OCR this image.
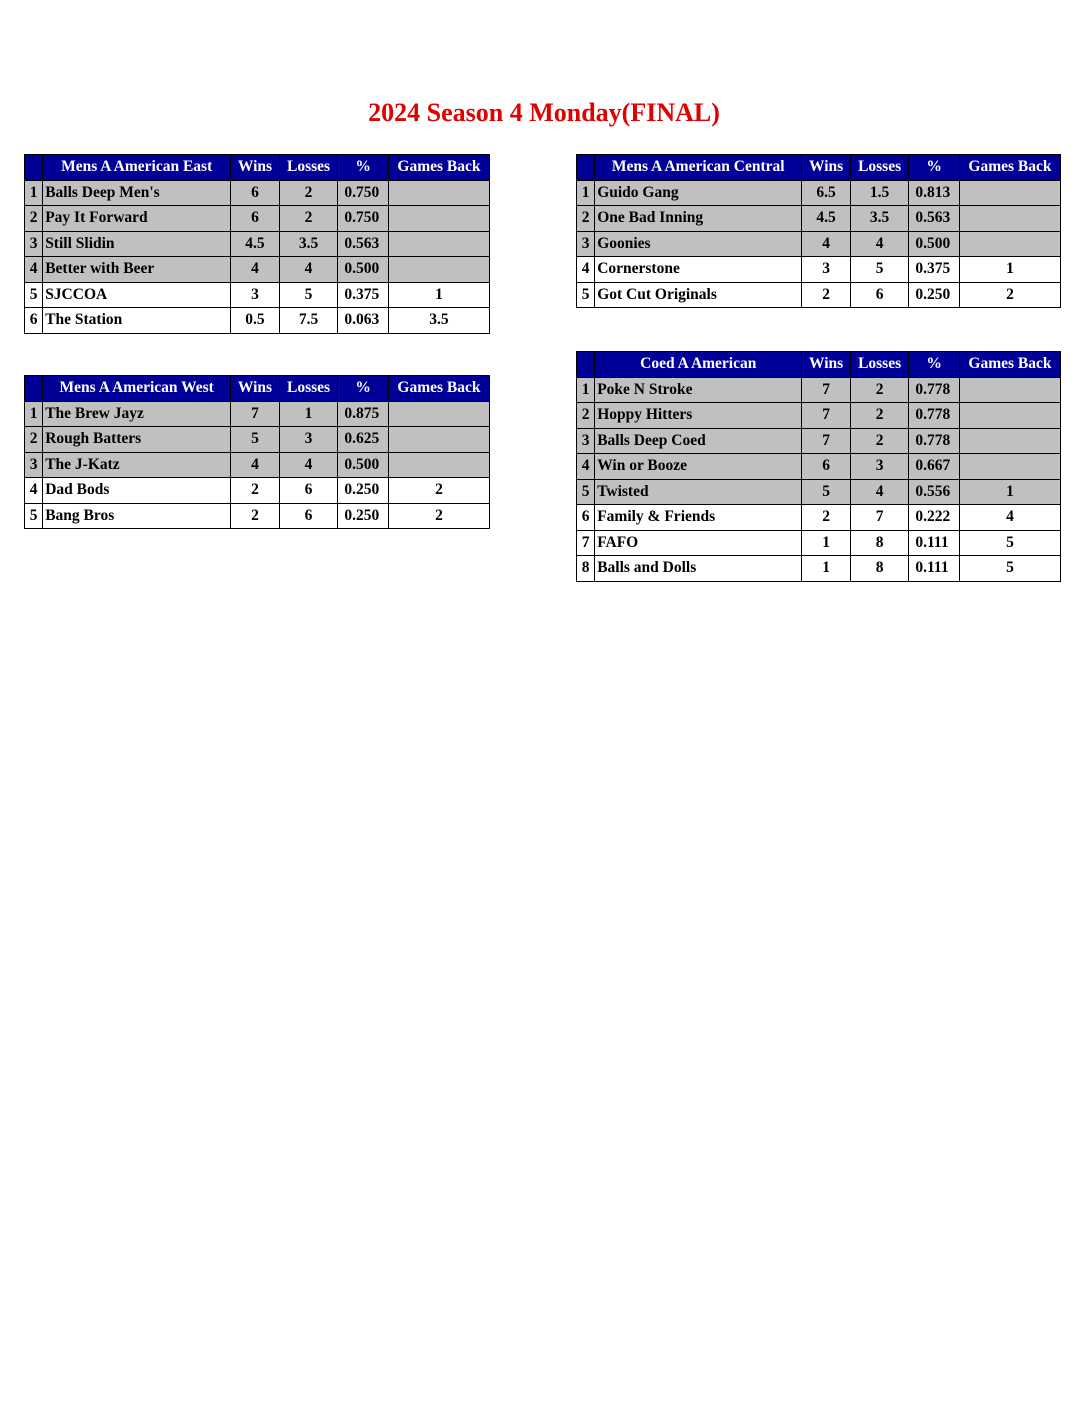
2024 Season 4 Monday(FINAL)
	Mens A American East	Wins	Losses	%	Games Back
1	Balls Deep Men's	6	2	0.750	
2	Pay It Forward	6	2	0.750	
3	Still Slidin	4.5	3.5	0.563	
4	Better with Beer	4	4	0.500	
5	SJCCOA	3	5	0.375	1
6	The Station	0.5	7.5	0.063	3.5
	Mens A American West	Wins	Losses	%	Games Back
1	The Brew Jayz	7	1	0.875	
2	Rough Batters	5	3	0.625	
3	The J-Katz	4	4	0.500	
4	Dad Bods	2	6	0.250	2
5	Bang Bros	2	6	0.250	2
	Mens A American Central	Wins	Losses	%	Games Back
1	Guido Gang	6.5	1.5	0.813	
2	One Bad Inning	4.5	3.5	0.563	
3	Goonies	4	4	0.500	
4	Cornerstone	3	5	0.375	1
5	Got Cut Originals	2	6	0.250	2
	Coed A American	Wins	Losses	%	Games Back
1	Poke N Stroke	7	2	0.778	
2	Hoppy Hitters	7	2	0.778	
3	Balls Deep Coed	7	2	0.778	
4	Win or Booze	6	3	0.667	
5	Twisted	5	4	0.556	1
6	Family & Friends	2	7	0.222	4
7	FAFO	1	8	0.111	5
8	Balls and Dolls	1	8	0.111	5
